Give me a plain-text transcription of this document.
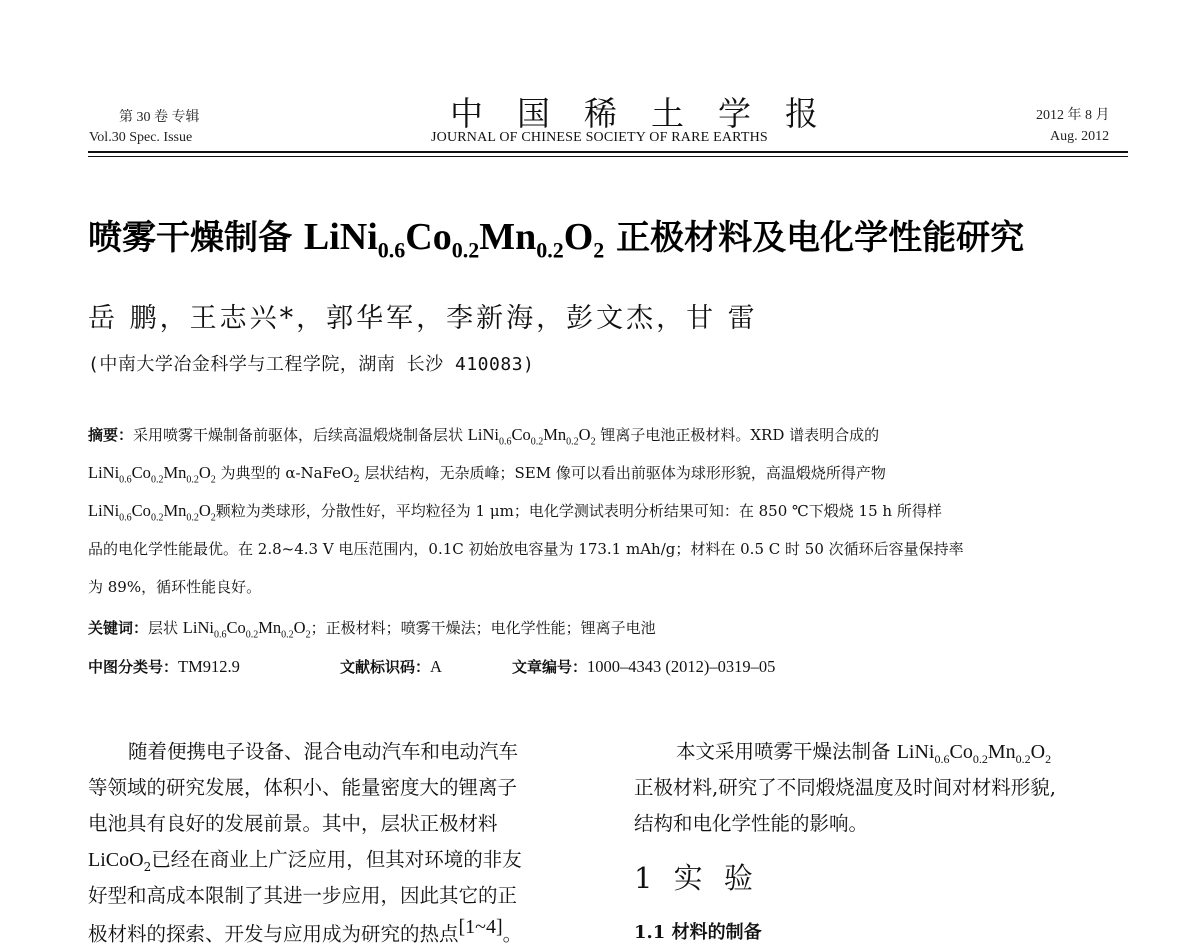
第 30 卷 专辑
Vol.30 Spec. Issue
中国稀土学报
JOURNAL OF CHINESE SOCIETY OF RARE EARTHS
2012 年 8 月
Aug. 2012
喷雾干燥制备 $LiNi_{0.6}Co_{0.2}Mn_{0.2}O_2$ 正极材料及电化学性能研究
岳 鹏，王志兴*，郭华军，李新海，彭文杰，甘 雷
(中南大学冶金科学与工程学院，湖南 长沙 410083)
摘要：采用喷雾干燥制备前驱体，后续高温煅烧制备层状 $LiNi_{0.6}Co_{0.2}Mn_{0.2}O_2$ 锂离子电池正极材料。XRD 谱表明合成的
$LiNi_{0.6}Co_{0.2}Mn_{0.2}O_2$ 为典型的 α-NaFeO$_2$ 层状结构，无杂质峰；SEM 像可以看出前驱体为球形形貌，高温煅烧所得产物
$LiNi_{0.6}Co_{0.2}Mn_{0.2}O_2$颗粒为类球形，分散性好，平均粒径为 1 μm；电化学测试表明分析结果可知：在 850 ℃下煅烧 15 h 所得样
品的电化学性能最优。在 2.8~4.3 V 电压范围内，0.1C 初始放电容量为 173.1 mAh/g；材料在 0.5 C 时 50 次循环后容量保持率
为 89%，循环性能良好。
关键词：层状 $LiNi_{0.6}Co_{0.2}Mn_{0.2}O_2$；正极材料；喷雾干燥法；电化学性能；锂离子电池
中图分类号：TM912.9	文献标识码：A	文章编号：1000–4343 (2012)–0319–05
随着便携电子设备、混合电动汽车和电动汽车
等领域的研究发展，体积小、能量密度大的锂离子
电池具有良好的发展前景。其中，层状正极材料
LiCoO$_2$已经在商业上广泛应用，但其对环境的非友
好型和高成本限制了其进一步应用，因此其它的正
极材料的探索、开发与应用成为研究的热点[1~4]。
本文采用喷雾干燥法制备 $LiNi_{0.6}Co_{0.2}Mn_{0.2}O_2$
正极材料,研究了不同煅烧温度及时间对材料形貌,
结构和电化学性能的影响。
1 实 验
1.1 材料的制备
